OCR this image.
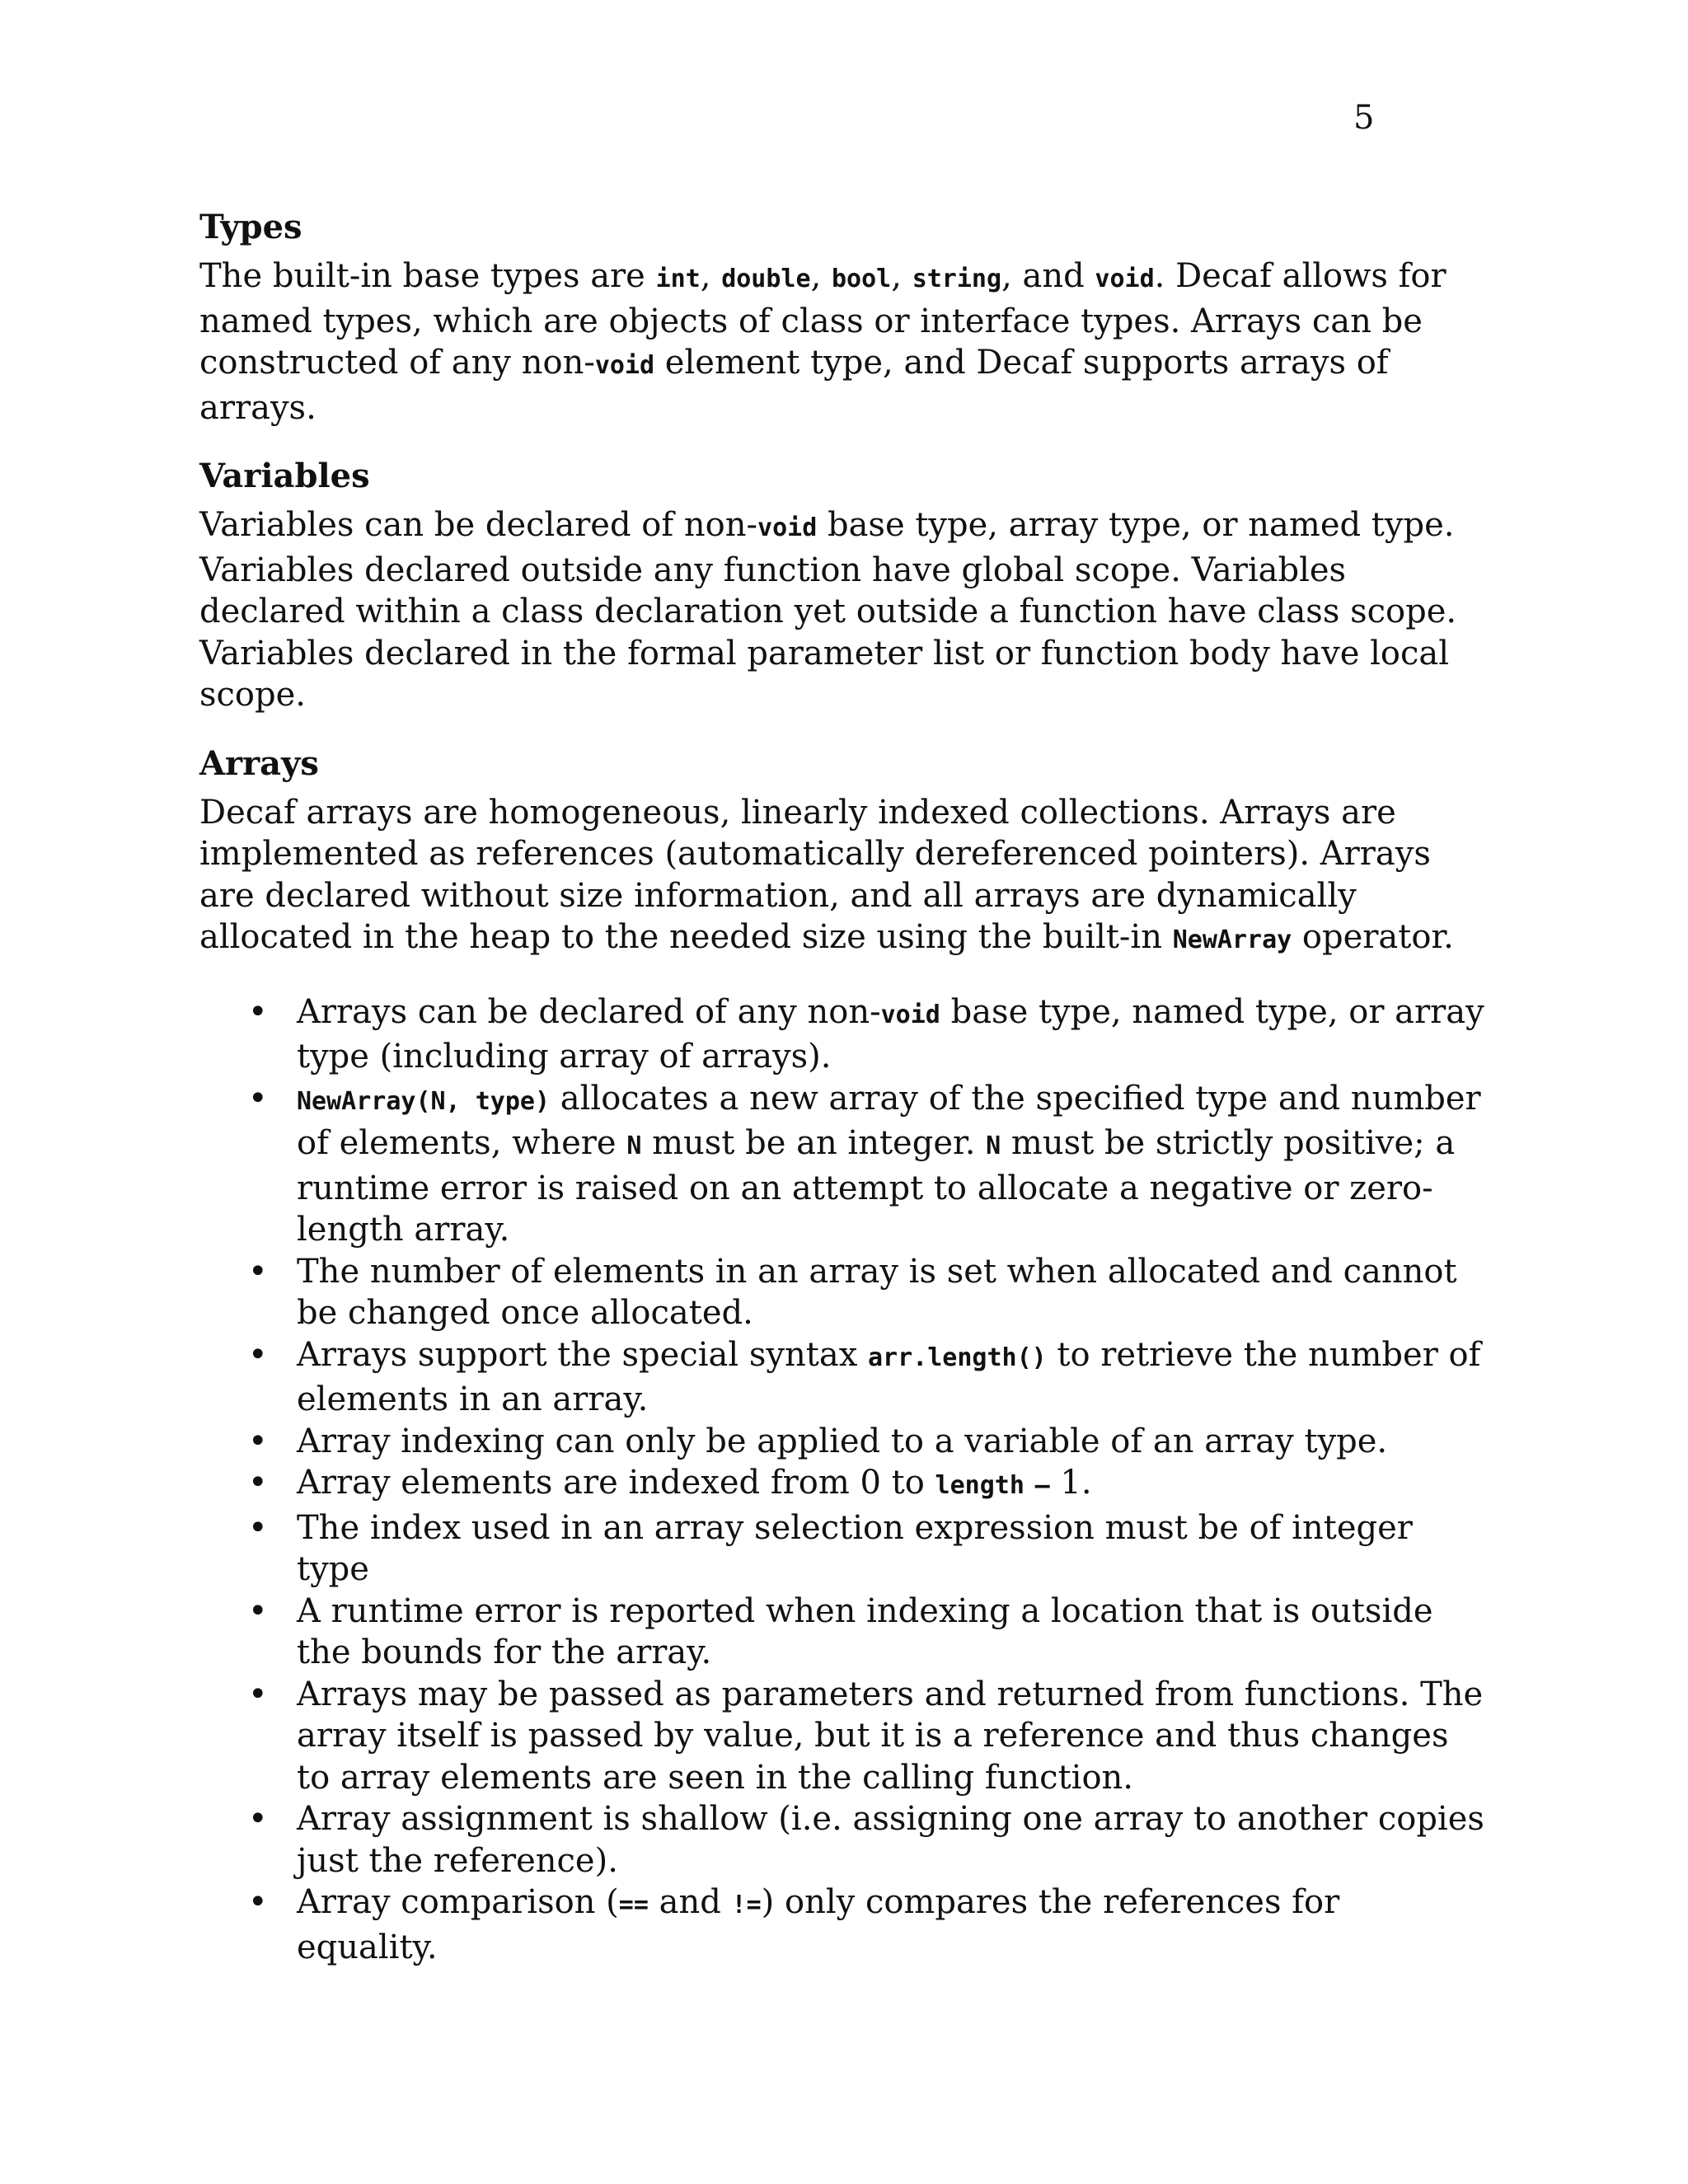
5
Types
The built-in base types are int, double, bool, string, and void. Decaf allows for named types, which are objects of class or interface types. Arrays can be constructed of any non-void element type, and Decaf supports arrays of arrays.
Variables
Variables can be declared of non-void base type, array type, or named type. Variables declared outside any function have global scope. Variables declared within a class declaration yet outside a function have class scope. Variables declared in the formal parameter list or function body have local scope.
Arrays
Decaf arrays are homogeneous, linearly indexed collections. Arrays are implemented as references (automatically dereferenced pointers). Arrays are declared without size information, and all arrays are dynamically allocated in the heap to the needed size using the built-in NewArray operator.
• Arrays can be declared of any non-void base type, named type, or array type (including array of arrays).
• NewArray(N, type) allocates a new array of the specified type and number of elements, where N must be an integer. N must be strictly positive; a runtime error is raised on an attempt to allocate a negative or zero-length array.
• The number of elements in an array is set when allocated and cannot be changed once allocated.
• Arrays support the special syntax arr.length() to retrieve the number of elements in an array.
• Array indexing can only be applied to a variable of an array type.
• Array elements are indexed from 0 to length – 1.
• The index used in an array selection expression must be of integer type
• A runtime error is reported when indexing a location that is outside the bounds for the array.
• Arrays may be passed as parameters and returned from functions. The array itself is passed by value, but it is a reference and thus changes to array elements are seen in the calling function.
• Array assignment is shallow (i.e. assigning one array to another copies just the reference).
• Array comparison (== and !=) only compares the references for equality.
